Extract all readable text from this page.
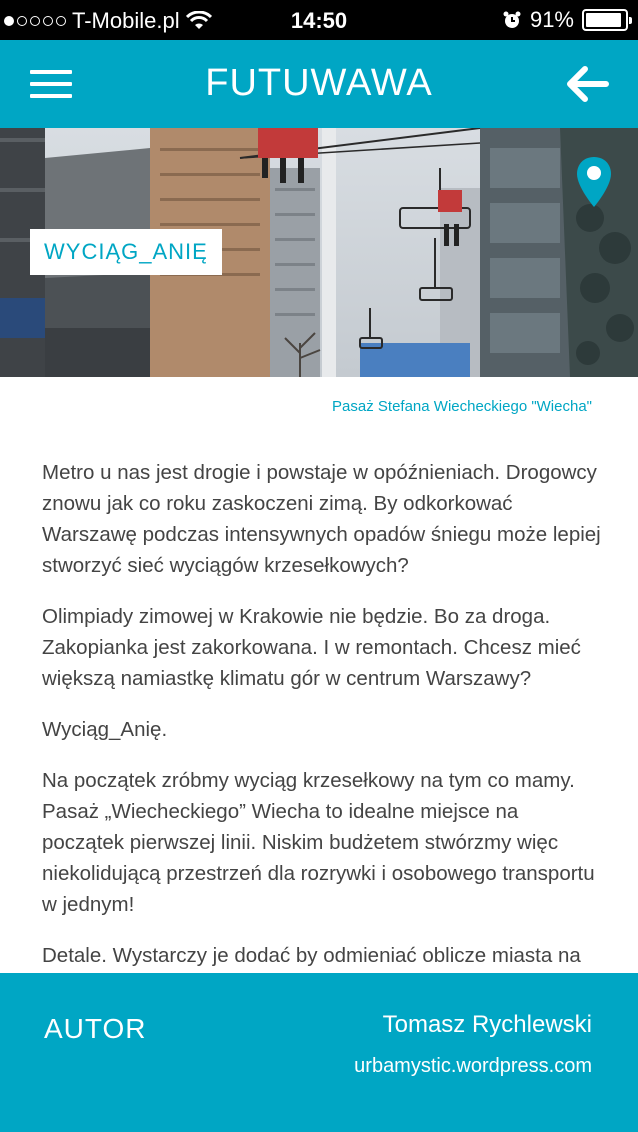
T-Mobile.pl	14:50	91%
FUTUWAWA
WYCIĄG_ANIĘ
Pasaż Stefana Wiecheckiego "Wiecha"

Metro u nas jest drogie i powstaje w opóźnieniach. Drogowcy znowu jak co roku zaskoczeni zimą. By odkorkować Warszawę podczas intensywnych opadów śniegu może lepiej stworzyć sieć wyciągów krzesełkowych?

Olimpiady zimowej w Krakowie nie będzie. Bo za droga. Zakopianka jest zakorkowana. I w remontach. Chcesz mieć większą namiastkę klimatu gór w centrum Warszawy?

Wyciąg_Anię.

Na początek zróbmy wyciąg krzesełkowy na tym co mamy. Pasaż „Wiecheckiego” Wiecha to idealne miejsce na początek pierwszej linii. Niskim budżetem stwórzmy więc niekolidującą przestrzeń dla rozrywki i osobowego transportu w jednym!

Detale. Wystarczy je dodać by odmieniać oblicze miasta na

AUTOR	Tomasz Rychlewski
urbamystic.wordpress.com
